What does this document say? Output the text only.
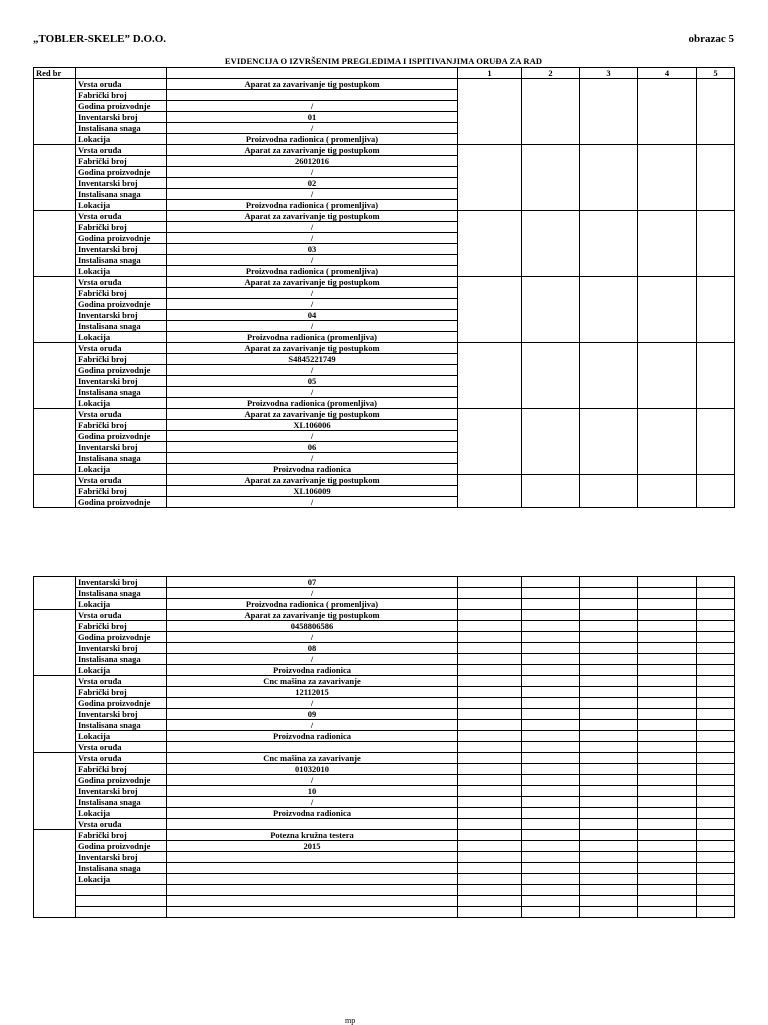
„TOBLER-SKELE” D.O.O.	obrazac 5
EVIDENCIJA O IZVRŠENIM PREGLEDIMA I ISPITIVANJIMA ORUĐA ZA RAD
Red br			1	2	3	4	5
	Vrsta oruđa	Aparat za zavarivanje tig postupkom					
	Fabrički broj						
	Godina proizvodnje	/					
	Inventarski broj	01					
	Instalisana snaga	/					
	Lokacija	Proizvodna radionica ( promenljiva)					
	Vrsta oruđa	Aparat za zavarivanje tig postupkom					
	Fabrički broj	26012016					
	Godina proizvodnje	/					
	Inventarski broj	02					
	Instalisana snaga	/					
	Lokacija	Proizvodna radionica ( promenljiva)					
	Vrsta oruđa	Aparat za zavarivanje tig postupkom					
	Fabrički broj	/					
	Godina proizvodnje	/					
	Inventarski broj	03					
	Instalisana snaga	/					
	Lokacija	Proizvodna radionica ( promenljiva)					
	Vrsta oruđa	Aparat za zavarivanje tig postupkom					
	Fabrički broj	/					
	Godina proizvodnje	/					
	Inventarski broj	04					
	Instalisana snaga	/					
	Lokacija	Proizvodna radionica (promenljiva)					
	Vrsta oruđa	Aparat za zavarivanje tig postupkom					
	Fabrički broj	S4845221749					
	Godina proizvodnje	/					
	Inventarski broj	05					
	Instalisana snaga	/					
	Lokacija	Proizvodna radionica (promenljiva)					
	Vrsta oruđa	Aparat za zavarivanje tig postupkom					
	Fabrički broj	XL106006					
	Godina proizvodnje	/					
	Inventarski broj	06					
	Instalisana snaga	/					
	Lokacija	Proizvodna radionica					
	Vrsta oruđa	Aparat za zavarivanje tig postupkom					
	Fabrički broj	XL106009					
	Godina proizvodnje	/					
	Inventarski broj	07					
	Instalisana snaga	/					
	Lokacija	Proizvodna radionica ( promenljiva)					
	Vrsta oruđa	Aparat za zavarivanje tig postupkom					
	Fabrički broj	0458806586					
	Godina proizvodnje	/					
	Inventarski broj	08					
	Instalisana snaga	/					
	Lokacija	Proizvodna radionica					
	Vrsta oruđa	Cnc mašina za zavarivanje					
	Fabrički broj	12112015					
	Godina proizvodnje	/					
	Inventarski broj	09					
	Instalisana snaga	/					
	Lokacija	Proizvodna radionica					
	Vrsta oruđa						
	Vrsta oruđa	Cnc mašina za zavarivanje					
	Fabrički broj	01032010					
	Godina proizvodnje	/					
	Inventarski broj	10					
	Instalisana snaga	/					
	Lokacija	Proizvodna radionica					
	Vrsta oruđa						
	Fabrički broj	Potezna kružna testera					
	Godina proizvodnje	2015					
	Inventarski broj						
	Instalisana snaga						
	Lokacija						

mp
